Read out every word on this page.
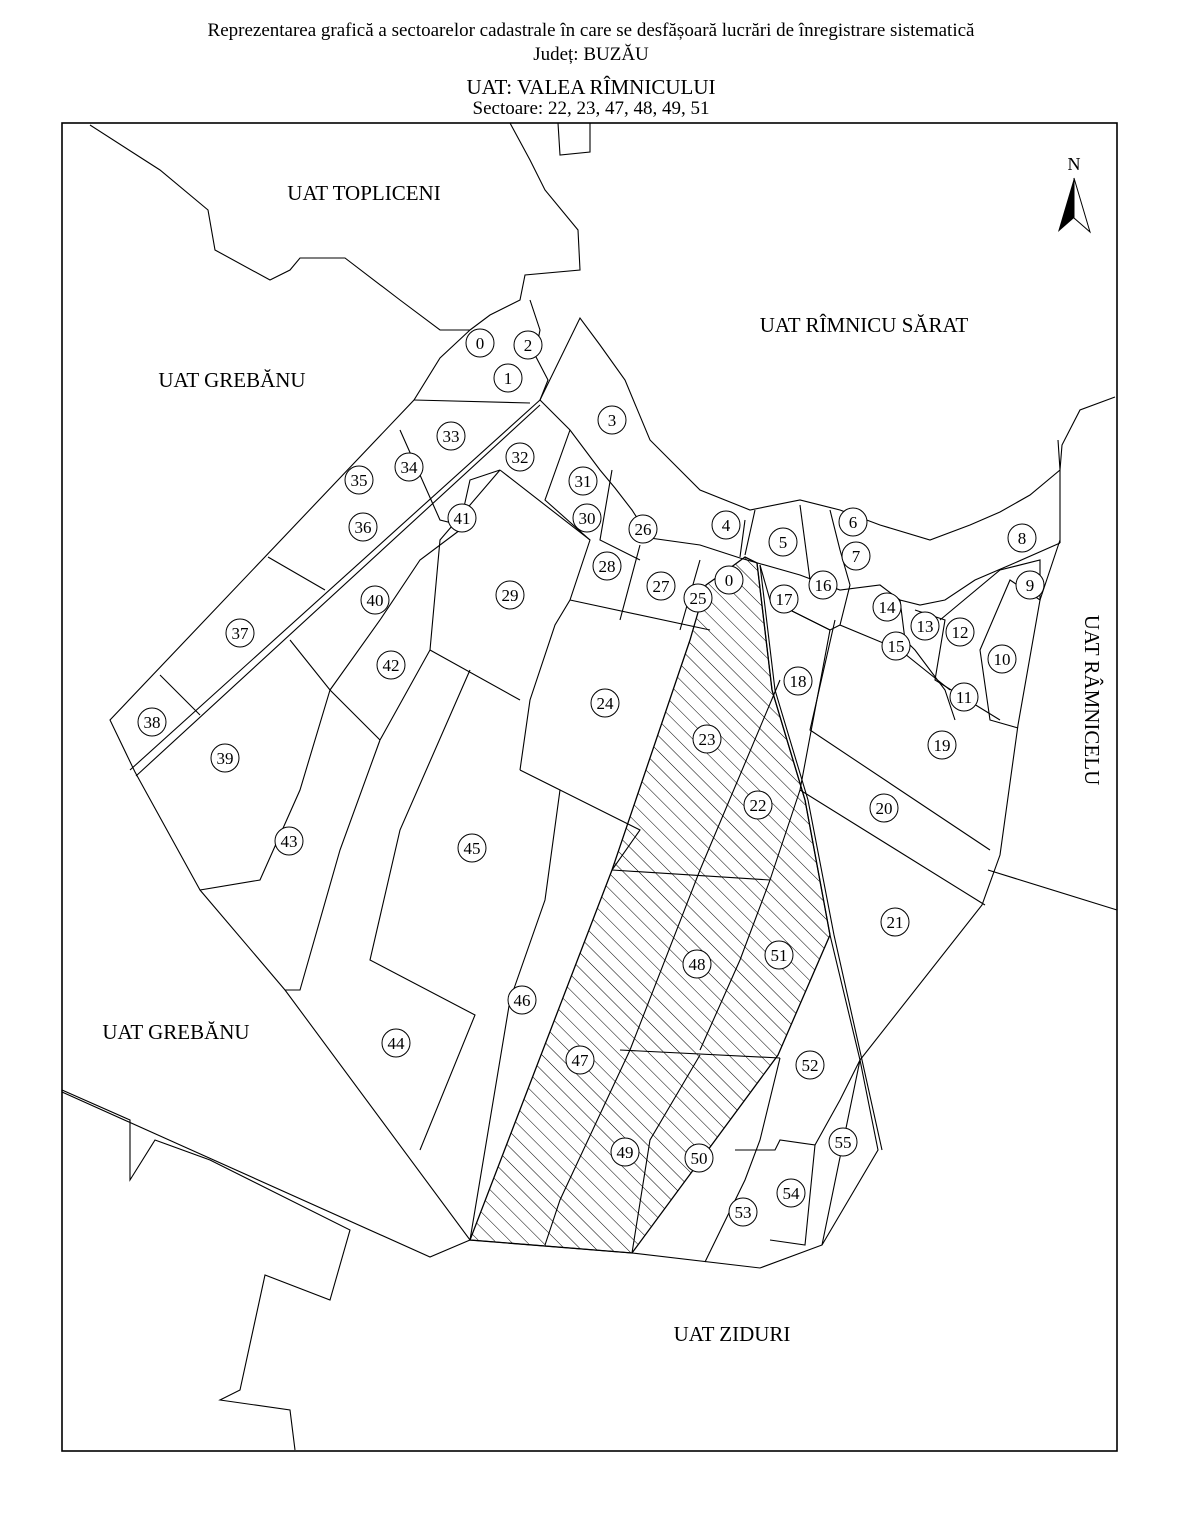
Reprezentarea grafică a sectoarelor cadastrale în care se desfășoară lucrări de înregistrare sistematică
Județ: BUZĂU
UAT: VALEA RÎMNICULUI
Sectoare: 22, 23, 47, 48, 49, 51
N
UAT TOPLICENI
UAT GREBĂNU
UAT RÎMNICU SĂRAT
UAT RÂMNICELU
UAT GREBĂNU
UAT ZIDURI
0
0
1
2
3
4
5
6
7
8
9
10
11
12
13
14
15
16
17
18
19
20
21
22
23
24
25
26
27
28
29
30
31
32
33
34
35
36
37
38
39
40
41
42
43
44
45
46
47
48
49	50
51
52
53
54
55
